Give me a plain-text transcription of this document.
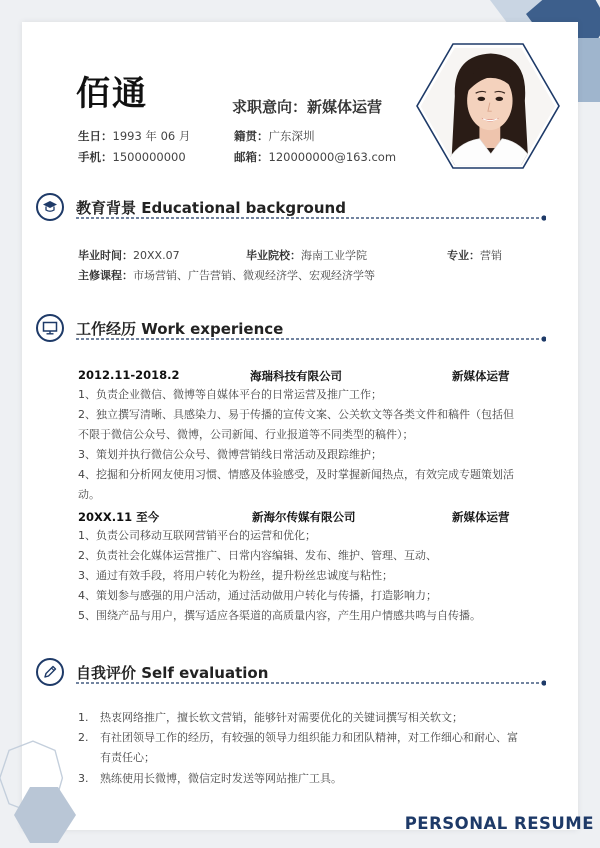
佰通	求职意向：新媒体运营
生日：1993 年 06 月	籍贯：广东深圳
手机：1500000000	邮箱：120000000@163.com
教育背景 Educational background
毕业时间：20XX.07	毕业院校：海南工业学院	专业：营销
主修课程：市场营销、广告营销、微观经济学、宏观经济学等
工作经历 Work experience
2012.11-2018.2	海瑞科技有限公司	新媒体运营
1、负责企业微信、微博等自媒体平台的日常运营及推广工作；
2、独立撰写清晰、具感染力、易于传播的宣传文案、公关软文等各类文件和稿件（包括但不限于微信公众号、微博，公司新闻、行业报道等不同类型的稿件）；
3、策划并执行微信公众号、微博营销线日常活动及跟踪维护；
4、挖掘和分析网友使用习惯、情感及体验感受，及时掌握新闻热点，有效完成专题策划活动。
20XX.11 至今	新海尔传媒有限公司	新媒体运营
1、负责公司移动互联网营销平台的运营和优化；
2、负责社会化媒体运营推广、日常内容编辑、发布、维护、管理、互动、
3、通过有效手段，将用户转化为粉丝，提升粉丝忠诚度与粘性；
4、策划参与感强的用户活动，通过活动做用户转化与传播，打造影响力；
5、围绕产品与用户，撰写适应各渠道的高质量内容，产生用户情感共鸣与自传播。
自我评价 Self evaluation
1. 热衷网络推广，擅长软文营销，能够针对需要优化的关键词撰写相关软文；
2. 有社团领导工作的经历，有较强的领导力组织能力和团队精神，对工作细心和耐心、富有责任心；
3. 熟练使用长微博，微信定时发送等网站推广工具。
PERSONAL RESUME
